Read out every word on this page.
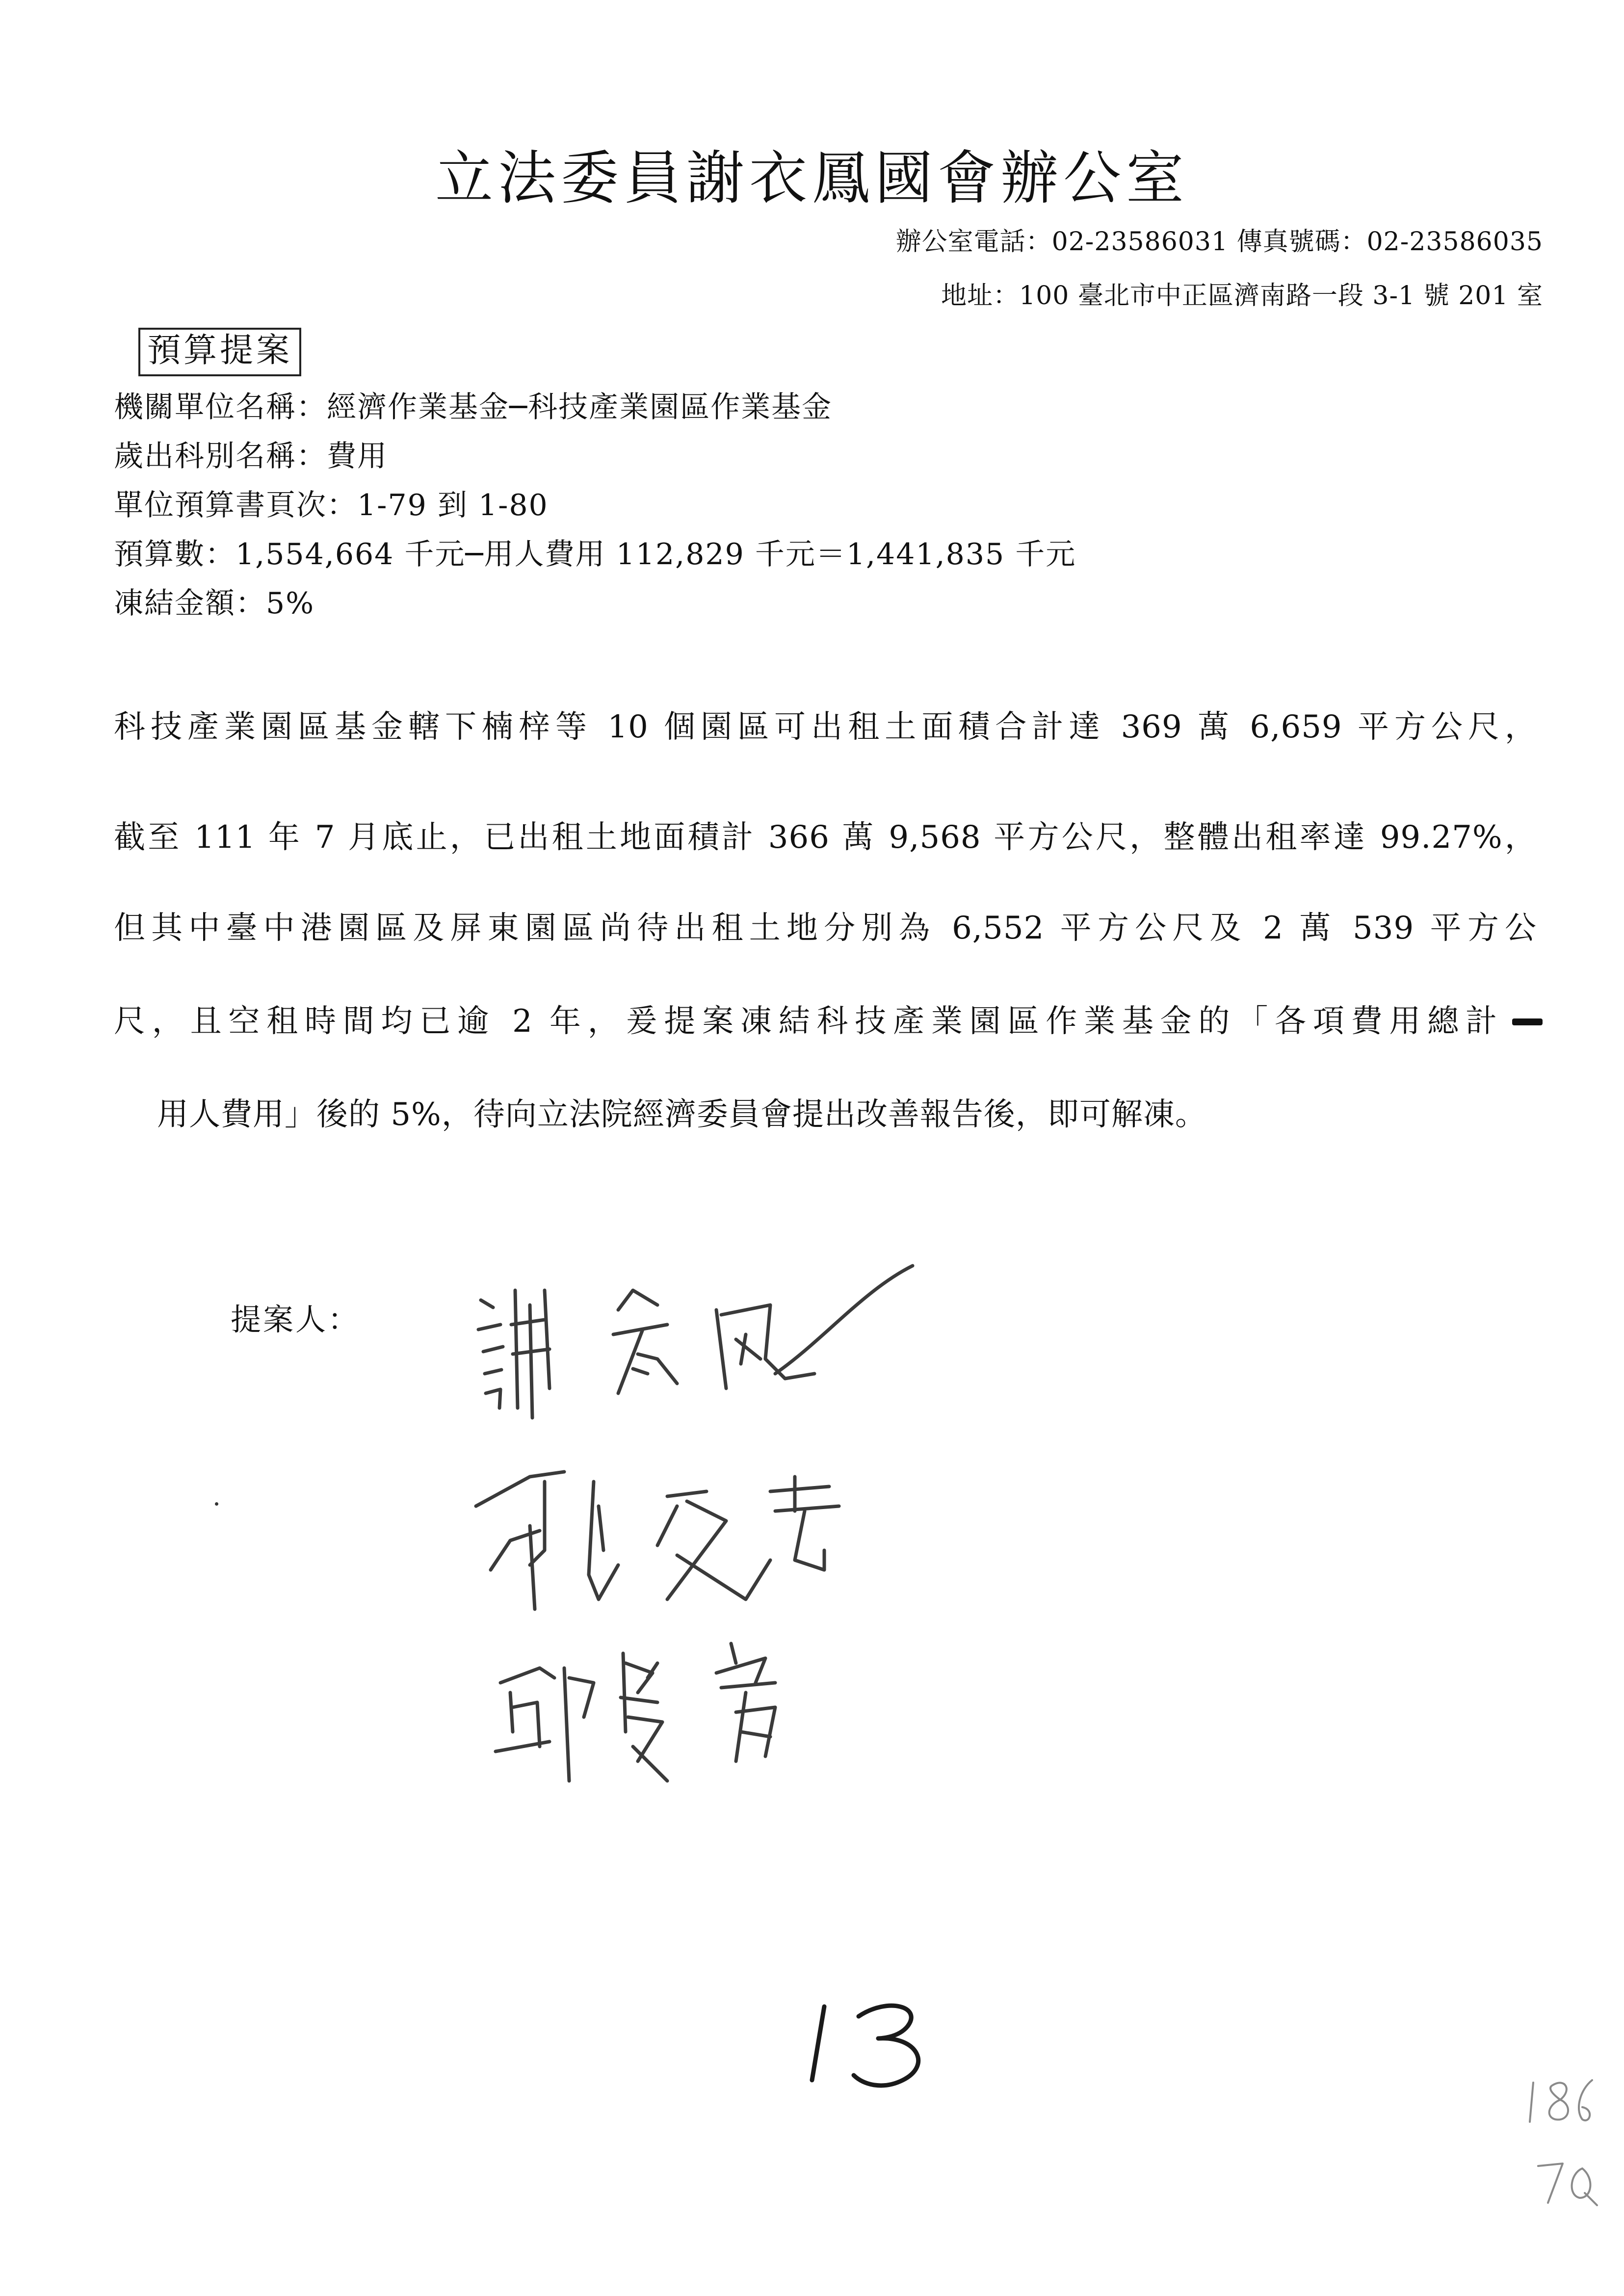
立法委員謝衣鳳國會辦公室
辦公室電話：02-23586031 傳真號碼：02-23586035
地址：100 臺北市中正區濟南路一段 3-1 號 201 室
預算提案
機關單位名稱：經濟作業基金─科技產業園區作業基金
歲出科別名稱：費用
單位預算書頁次：1-79 到 1-80
預算數：1,554,664 千元─用人費用 112,829 千元＝1,441,835 千元
凍結金額：5%
科技產業園區基金轄下楠梓等 10 個園區可出租土面積合計達 369 萬 6,659 平方公尺，
截至 111 年 7 月底止，已出租土地面積計 366 萬 9,568 平方公尺，整體出租率達 99.27%，
但其中臺中港園區及屏東園區尚待出租土地分別為 6,552 平方公尺及 2 萬 539 平方公
尺，且空租時間均已逾 2 年，爰提案凍結科技產業園區作業基金的「各項費用總計
用人費用」後的 5%，待向立法院經濟委員會提出改善報告後，即可解凍。
提案人：
